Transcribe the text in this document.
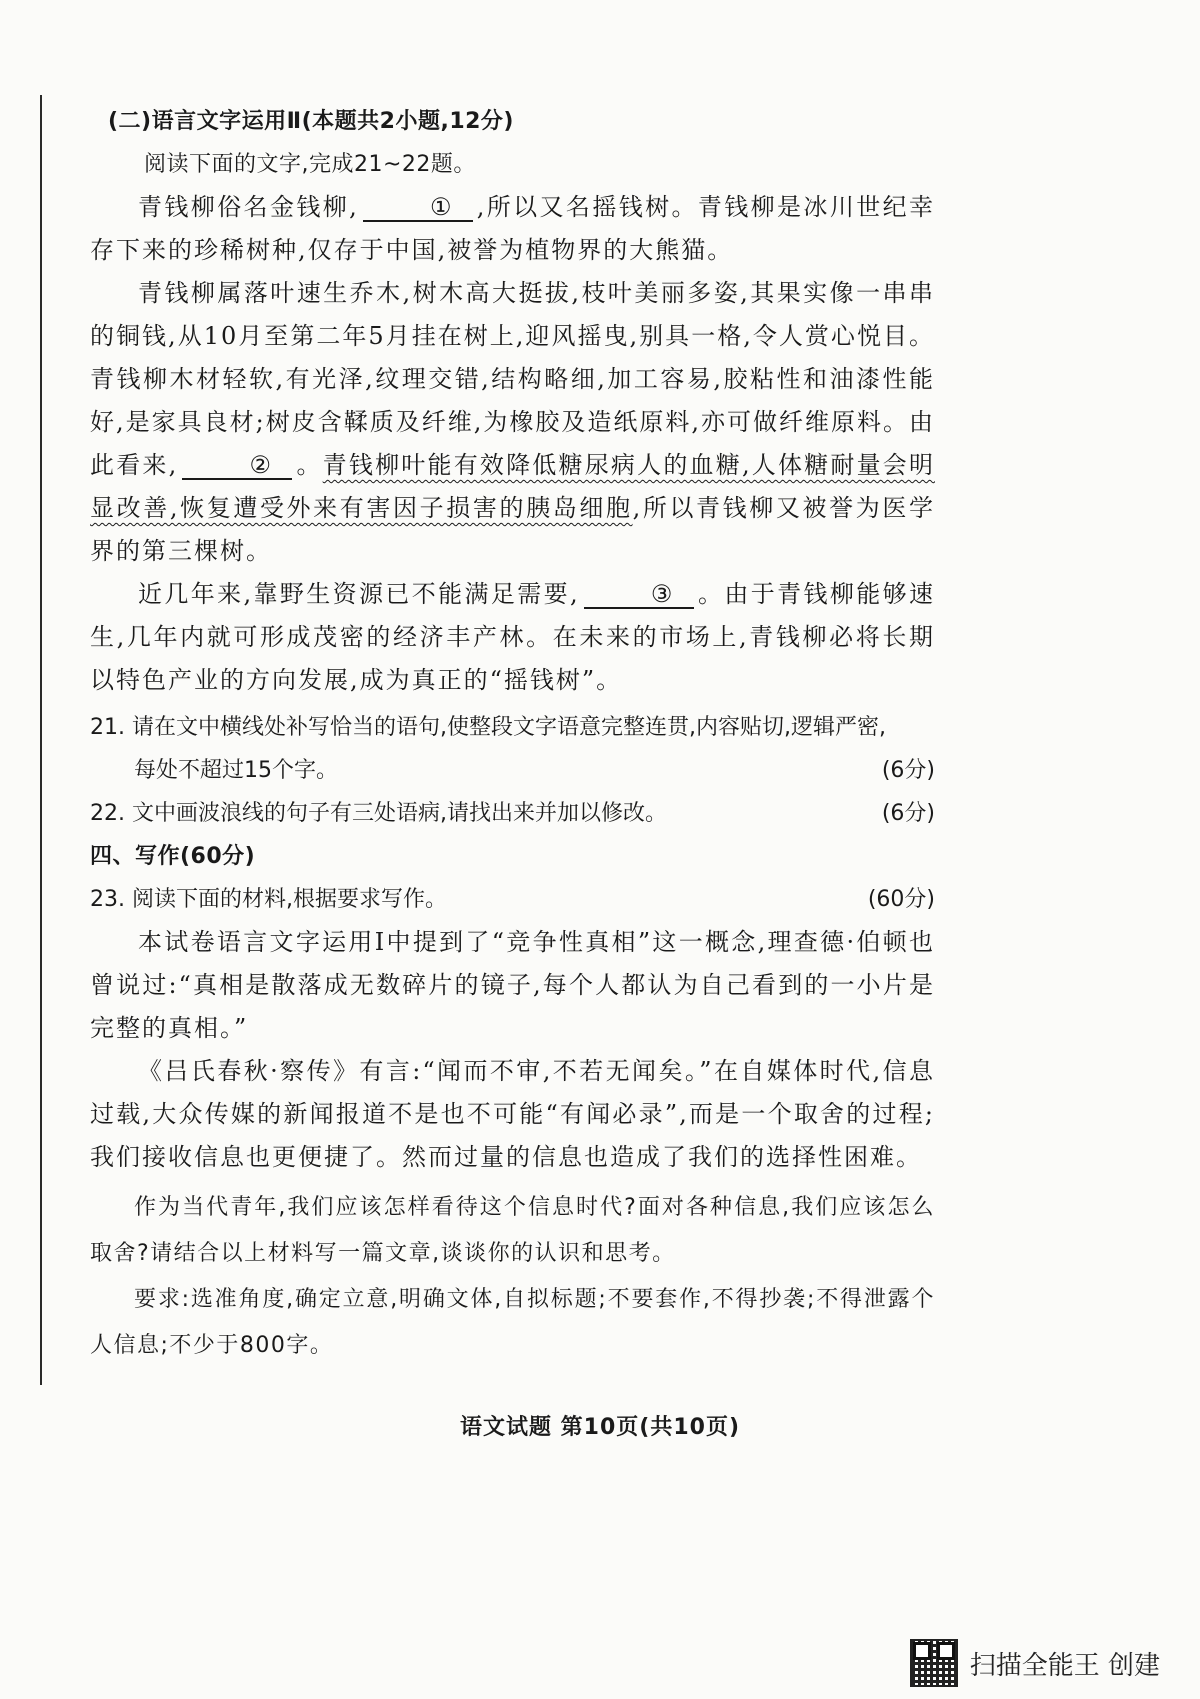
(二)语言文字运用Ⅱ(本题共2小题,12分)
阅读下面的文字,完成21~22题。
青钱柳俗名金钱柳,	① ,所以又名摇钱树。青钱柳是冰川世纪幸存下来的珍稀树种,仅存于中国,被誉为植物界的大熊猫。
青钱柳属落叶速生乔木,树木高大挺拔,枝叶美丽多姿,其果实像一串串的铜钱,从10月至第二年5月挂在树上,迎风摇曳,别具一格,令人赏心悦目。青钱柳木材轻软,有光泽,纹理交错,结构略细,加工容易,胶粘性和油漆性能好,是家具良材;树皮含鞣质及纤维,为橡胶及造纸原料,亦可做纤维原料。由此看来,	② 。青钱柳叶能有效降低糖尿病人的血糖,人体糖耐量会明显改善,恢复遭受外来有害因子损害的胰岛细胞,所以青钱柳又被誉为医学界的第三棵树。
近几年来,靠野生资源已不能满足需要,	③ 。由于青钱柳能够速生,几年内就可形成茂密的经济丰产林。在未来的市场上,青钱柳必将长期以特色产业的方向发展,成为真正的“摇钱树”。
21. 请在文中横线处补写恰当的语句,使整段文字语意完整连贯,内容贴切,逻辑严密,
每处不超过15个字。	(6分)
22. 文中画波浪线的句子有三处语病,请找出来并加以修改。	(6分)
四、写作(60分)
23. 阅读下面的材料,根据要求写作。	(60分)
本试卷语言文字运用Ⅰ中提到了“竞争性真相”这一概念,理查德·伯顿也曾说过:“真相是散落成无数碎片的镜子,每个人都认为自己看到的一小片是完整的真相。”
《吕氏春秋·察传》有言:“闻而不审,不若无闻矣。”在自媒体时代,信息过载,大众传媒的新闻报道不是也不可能“有闻必录”,而是一个取舍的过程;我们接收信息也更便捷了。然而过量的信息也造成了我们的选择性困难。
作为当代青年,我们应该怎样看待这个信息时代?面对各种信息,我们应该怎么取舍?请结合以上材料写一篇文章,谈谈你的认识和思考。
要求:选准角度,确定立意,明确文体,自拟标题;不要套作,不得抄袭;不得泄露个人信息;不少于800字。
语文试题 第10页(共10页)
扫描全能王 创建
